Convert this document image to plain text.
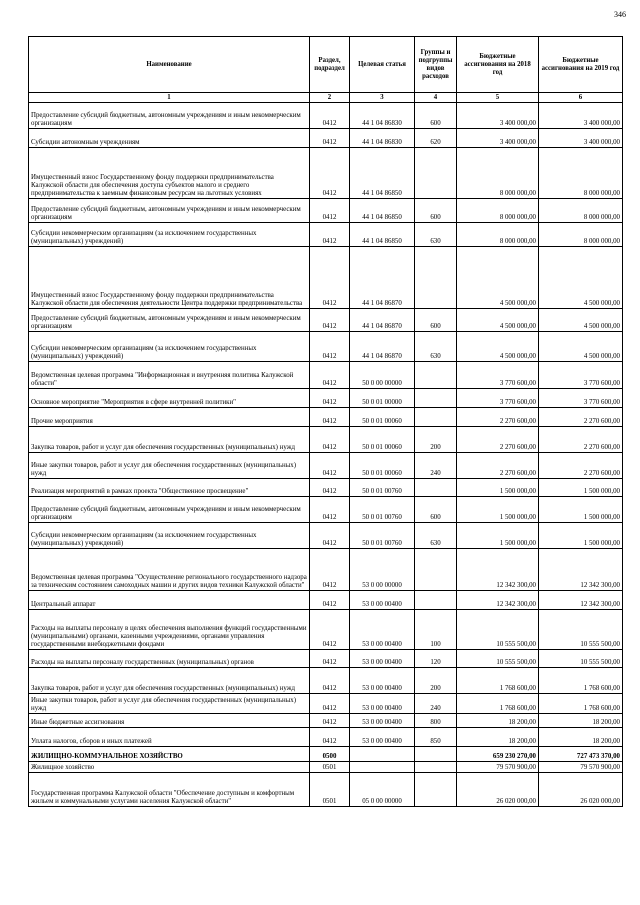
346
Наименование	Раздел, подраздел	Целевая статья	Группы и подгруппы видов расходов	Бюджетные ассигнования на 2018 год	Бюджетные ассигнования на 2019 год
1	2	3	4	5	6
Предоставление субсидий бюджетным, автономным учреждениям и иным некоммерческим организациям	0412	44 1 04 86830	600	3 400 000,00	3 400 000,00
Субсидии автономным учреждениям	0412	44 1 04 86830	620	3 400 000,00	3 400 000,00
Имущественный взнос Государственному фонду поддержки предпринимательства Калужской области для обеспечения доступа субъектов малого и среднего предпринимательства к заемным финансовым ресурсам на льготных условиях	0412	44 1 04 86850		8 000 000,00	8 000 000,00
Предоставление субсидий бюджетным, автономным учреждениям и иным некоммерческим организациям	0412	44 1 04 86850	600	8 000 000,00	8 000 000,00
Субсидии некоммерческим организациям (за исключением государственных (муниципальных) учреждений)	0412	44 1 04 86850	630	8 000 000,00	8 000 000,00
Имущественный взнос Государственному фонду поддержки предпринимательства Калужской области для обеспечения деятельности Центра поддержки предпринимательства	0412	44 1 04 86870		4 500 000,00	4 500 000,00
Предоставление субсидий бюджетным, автономным учреждениям и иным некоммерческим организациям	0412	44 1 04 86870	600	4 500 000,00	4 500 000,00
Субсидии некоммерческим организациям (за исключением государственных (муниципальных) учреждений)	0412	44 1 04 86870	630	4 500 000,00	4 500 000,00
Ведомственная целевая программа "Информационная и внутренняя политика Калужской области"	0412	50 0 00 00000		3 770 600,00	3 770 600,00
Основное мероприятие "Мероприятия в сфере внутренней политики"	0412	50 0 01 00000		3 770 600,00	3 770 600,00
Прочие мероприятия	0412	50 0 01 00060		2 270 600,00	2 270 600,00
Закупка товаров, работ и услуг для обеспечения государственных (муниципальных) нужд	0412	50 0 01 00060	200	2 270 600,00	2 270 600,00
Иные закупки товаров, работ и услуг для обеспечения государственных (муниципальных) нужд	0412	50 0 01 00060	240	2 270 600,00	2 270 600,00
Реализация мероприятий в рамках проекта "Общественное просвещение"	0412	50 0 01 00760		1 500 000,00	1 500 000,00
Предоставление субсидий бюджетным, автономным учреждениям и иным некоммерческим организациям	0412	50 0 01 00760	600	1 500 000,00	1 500 000,00
Субсидии некоммерческим организациям (за исключением государственных (муниципальных) учреждений)	0412	50 0 01 00760	630	1 500 000,00	1 500 000,00
Ведомственная целевая программа "Осуществление регионального государственного надзора за техническим состоянием самоходных машин и других видов техники Калужской области"	0412	53 0 00 00000		12 342 300,00	12 342 300,00
Центральный аппарат	0412	53 0 00 00400		12 342 300,00	12 342 300,00
Расходы на выплаты персоналу в целях обеспечения выполнения функций государственными (муниципальными) органами, казенными учреждениями, органами управления государственными внебюджетными фондами	0412	53 0 00 00400	100	10 555 500,00	10 555 500,00
Расходы на выплаты персоналу государственных (муниципальных) органов	0412	53 0 00 00400	120	10 555 500,00	10 555 500,00
Закупка товаров, работ и услуг для обеспечения государственных (муниципальных) нужд	0412	53 0 00 00400	200	1 768 600,00	1 768 600,00
Иные закупки товаров, работ и услуг для обеспечения государственных (муниципальных) нужд	0412	53 0 00 00400	240	1 768 600,00	1 768 600,00
Иные бюджетные ассигнования	0412	53 0 00 00400	800	18 200,00	18 200,00
Уплата налогов, сборов и иных платежей	0412	53 0 00 00400	850	18 200,00	18 200,00
ЖИЛИЩНО-КОММУНАЛЬНОЕ ХОЗЯЙСТВО	0500			659 230 270,00	727 473 370,00
Жилищное хозяйство	0501			79 570 900,00	79 570 900,00
Государственная программа Калужской области "Обеспечение доступным и комфортным жильем и коммунальными услугами населения Калужской области"	0501	05 0 00 00000		26 020 000,00	26 020 000,00
